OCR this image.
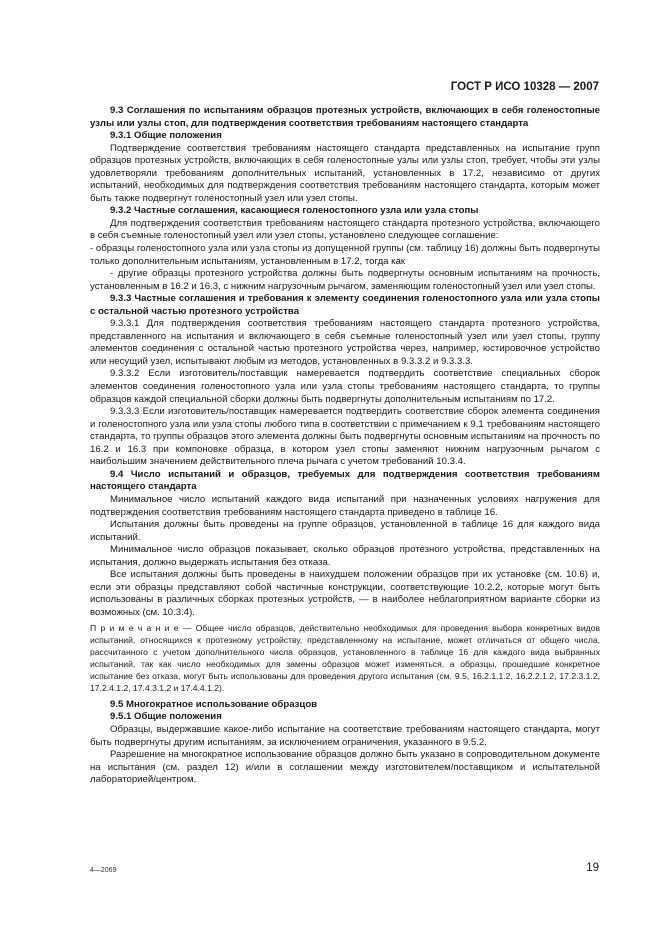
ГОСТ Р ИСО 10328 — 2007

9.3 Соглашения по испытаниям образцов протезных устройств, включающих в себя голеностопные узлы или узлы стоп, для подтверждения соответствия требованиям настоящего стандарта

9.3.1 Общие положения

Подтверждение соответствия требованиям настоящего стандарта представленных на испытание групп образцов протезных устройств, включающих в себя голеностопные узлы или узлы стоп, требует, чтобы эти узлы удовлетворяли требованиям дополнительных испытаний, установленных в 17.2, независимо от других испытаний, необходимых для подтверждения соответствия требованиям настоящего стандарта, которым может быть также подвергнут голеностопный узел или узел стопы.

9.3.2 Частные соглашения, касающиеся голеностопного узла или узла стопы

Для подтверждения соответствия требованиям настоящего стандарта протезного устройства, включающего в себя съемные голеностопный узел или узел стопы, установлено следующее соглашение:

- образцы голеностопного узла или узла стопы из допущенной группы (см. таблицу 16) должны быть подвергнуты только дополнительным испытаниям, установленным в 17.2, тогда как

- другие образцы протезного устройства должны быть подвергнуты основным испытаниям на прочность, установленным в 16.2 и 16.3, с нижним нагрузочным рычагом, заменяющим голеностопный узел или узел стопы.

9.3.3 Частные соглашения и требования к элементу соединения голеностопного узла или узла стопы с остальной частью протезного устройства

9.3.3.1 Для подтверждения соответствия требованиям настоящего стандарта протезного устройства, представленного на испытания и включающего в себя съемные голеностопный узел или узел стопы, группу элементов соединения с остальной частью протезного устройства через, например, юстировочное устройство или несущий узел, испытывают любым из методов, установленных в 9.3.3.2 и 9.3.3.3.

9.3.3.2 Если изготовитель/поставщик намеревается подтвердить соответствие специальных сборок элементов соединения голеностопного узла или узла стопы требованиям настоящего стандарта, то группы образцов каждой специальной сборки должны быть подвергнуты дополнительным испытаниям по 17.2.

9.3.3.3 Если изготовитель/поставщик намеревается подтвердить соответствие сборок элемента соединения и голеностопного узла или узла стопы любого типа в соответствии с примечанием к 9.1 требованиям настоящего стандарта, то группы образцов этого элемента должны быть подвергнуты основным испытаниям на прочность по 16.2 и 16.3 при компоновке образца, в котором узел стопы заменяют нижним нагрузочным рычагом с наибольшим значением действительного плеча рычага с учетом требований 10.3.4.

9.4 Число испытаний и образцов, требуемых для подтверждения соответствия требованиям настоящего стандарта

Минимальное число испытаний каждого вида испытаний при назначенных условиях нагружения для подтверждения соответствия требованиям настоящего стандарта приведено в таблице 16.

Испытания должны быть проведены на группе образцов, установленной в таблице 16 для каждого вида испытаний.

Минимальное число образцов показывает, сколько образцов протезного устройства, представленных на испытания, должно выдержать испытания без отказа.

Все испытания должны быть проведены в наихудшем положении образцов при их установке (см. 10.6) и, если эти образцы представляют собой частичные конструкции, соответствующие 10.2.2, которые могут быть использованы в различных сборках протезных устройств, — в наиболее неблагоприятном варианте сборки из возможных (см. 10.3.4).

П р и м е ч а н и е — Общее число образцов, действительно необходимых для проведения выбора конкретных видов испытаний, относящихся к протезному устройству, представленному на испытание, может отличаться от общего числа, рассчитанного с учетом дополнительного числа образцов, установленного в таблице 16 для каждого вида выбранных испытаний, так как число необходимых для замены образцов может изменяться, а образцы, прошедшие конкретное испытание без отказа, могут быть использованы для проведения другого испытания (см. 9.5, 16.2.1.1.2, 16.2.2.1.2, 17.2.3.1.2, 17.2.4.1.2, 17.4.3.1.2 и 17.4.4.1.2).

9.5 Многократное использование образцов

9.5.1 Общие положения

Образцы, выдержавшие какое-либо испытание на соответствие требованиям настоящего стандарта, могут быть подвергнуты другим испытаниям, за исключением ограничения, указанного в 9.5.2.

Разрешение на многократное использование образцов должно быть указано в сопроводительном документе на испытания (см. раздел 12) и/или в соглашении между изготовителем/поставщиком и испытательной лабораторией/центром.

4—2069	19
